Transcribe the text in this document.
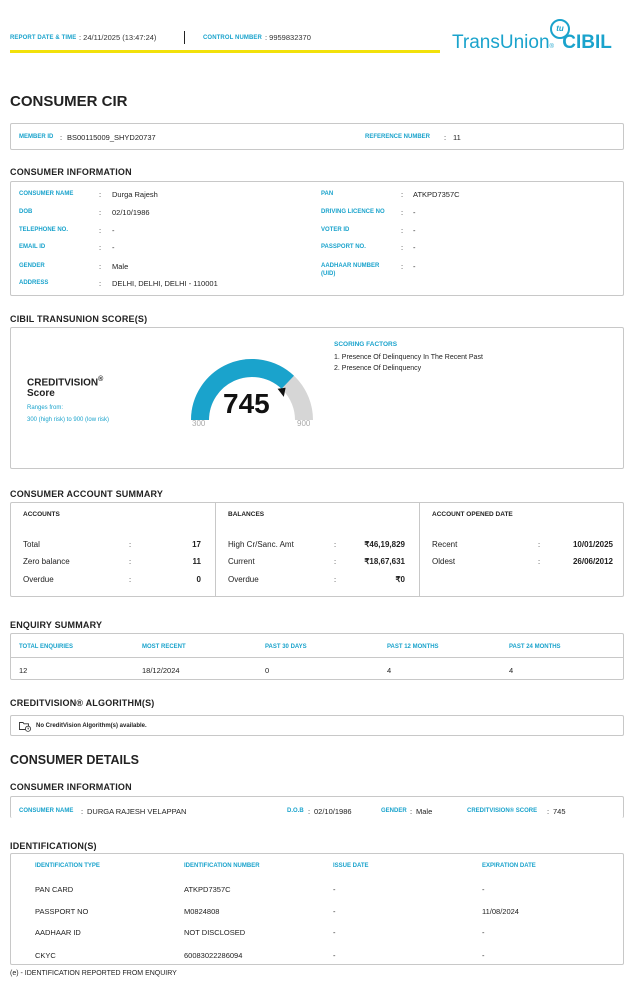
REPORT DATE & TIME : 24/11/2025 (13:47:24)	CONTROL NUMBER : 9959832370	TransUnion® CIBIL
tu
CONSUMER CIR
MEMBER ID : BS00115009_SHYD20737	REFERENCE NUMBER : 11
CONSUMER INFORMATION
CONSUMER NAME	: Durga Rajesh
DOB	: 02/10/1986
TELEPHONE NO.	: -
EMAIL ID	: -
GENDER	: Male
ADDRESS	: DELHI, DELHI, DELHI - 110001
PAN	: ATKPD7357C
DRIVING LICENCE NO : -
VOTER ID	: -
PASSPORT NO.	: -
AADHAAR NUMBER
(UID)
: -
CIBIL TRANSUNION SCORE(S)
CREDITVISION®
Score
Ranges from:
300 (high risk) to 900 (low risk)
745
300	900
SCORING FACTORS
1. Presence Of Delinquency In The Recent Past
2. Presence Of Delinquency
CONSUMER ACCOUNT SUMMARY
ACCOUNTS
Total	:	17
Zero balance	:	11
Overdue	:	0
BALANCES
High Cr/Sanc. Amt	:	₹46,19,829
Current	:	₹18,67,631
Overdue	:	₹0
ACCOUNT OPENED DATE
Recent	:	10/01/2025
Oldest	:	26/06/2012
ENQUIRY SUMMARY
TOTAL ENQUIRIES	MOST RECENT	PAST 30 DAYS	PAST 12 MONTHS	PAST 24 MONTHS
12	18/12/2024	0	4	4
CREDITVISION® ALGORITHM(S)
No CreditVision Algorithm(s) available.
CONSUMER DETAILS
CONSUMER INFORMATION
CONSUMER NAME : DURGA RAJESH VELAPPAN	D.O.B : 02/10/1986	GENDER : Male	CREDITVISION® SCORE : 745
IDENTIFICATION(S)
IDENTIFICATION TYPE	IDENTIFICATION NUMBER	ISSUE DATE	EXPIRATION DATE
PAN CARD	ATKPD7357C	-	-
PASSPORT NO	M0824808	-	11/08/2024
AADHAAR ID	NOT DISCLOSED	-	-
CKYC	60083022286094	-	-
(e) - IDENTIFICATION REPORTED FROM ENQUIRY
